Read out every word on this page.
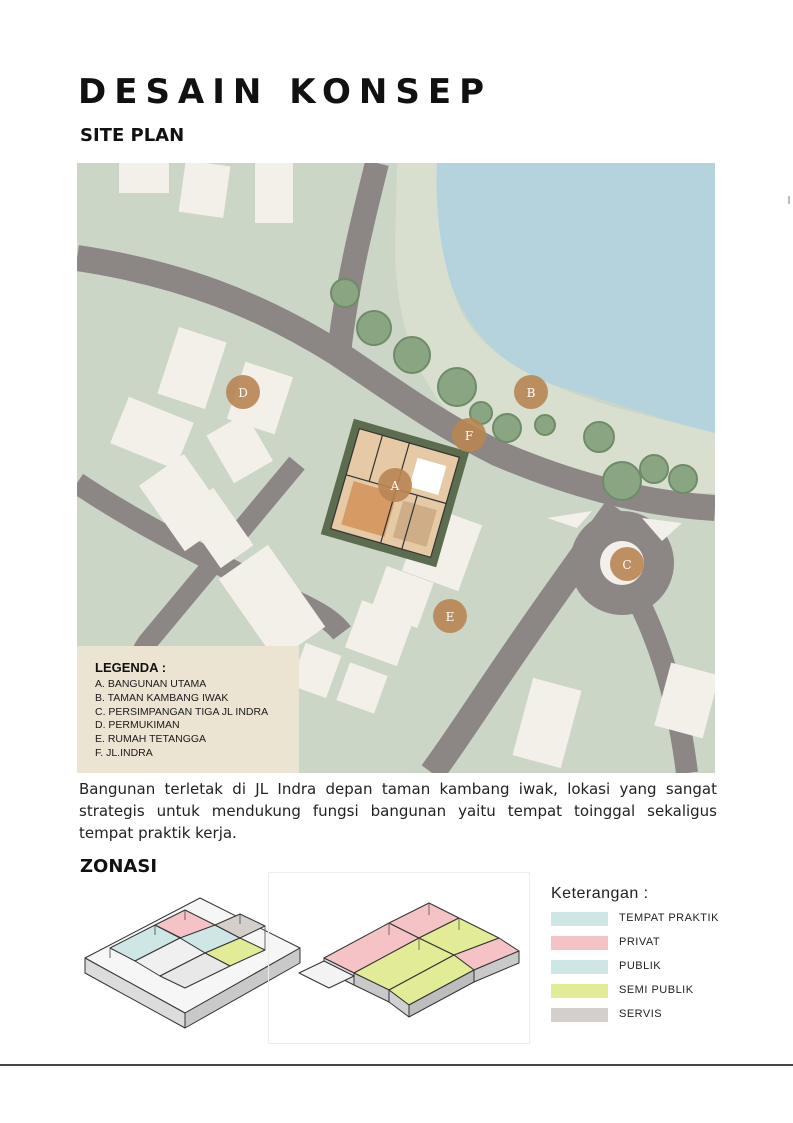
DESAIN KONSEP
SITE PLAN
A
B
C
D
E
F
LEGENDA :
A. BANGUNAN UTAMA
B. TAMAN KAMBANG IWAK
C. PERSIMPANGAN TIGA JL INDRA
D. PERMUKIMAN
E. RUMAH TETANGGA
F. JL.INDRA

Bangunan terletak di JL Indra depan taman kambang iwak, lokasi yang sangat strategis untuk mendukung fungsi bangunan yaitu tempat toinggal sekaligus tempat praktik kerja.

ZONASI
Keterangan :
TEMPAT PRAKTIK
PRIVAT
PUBLIK
SEMI PUBLIK
SERVIS
